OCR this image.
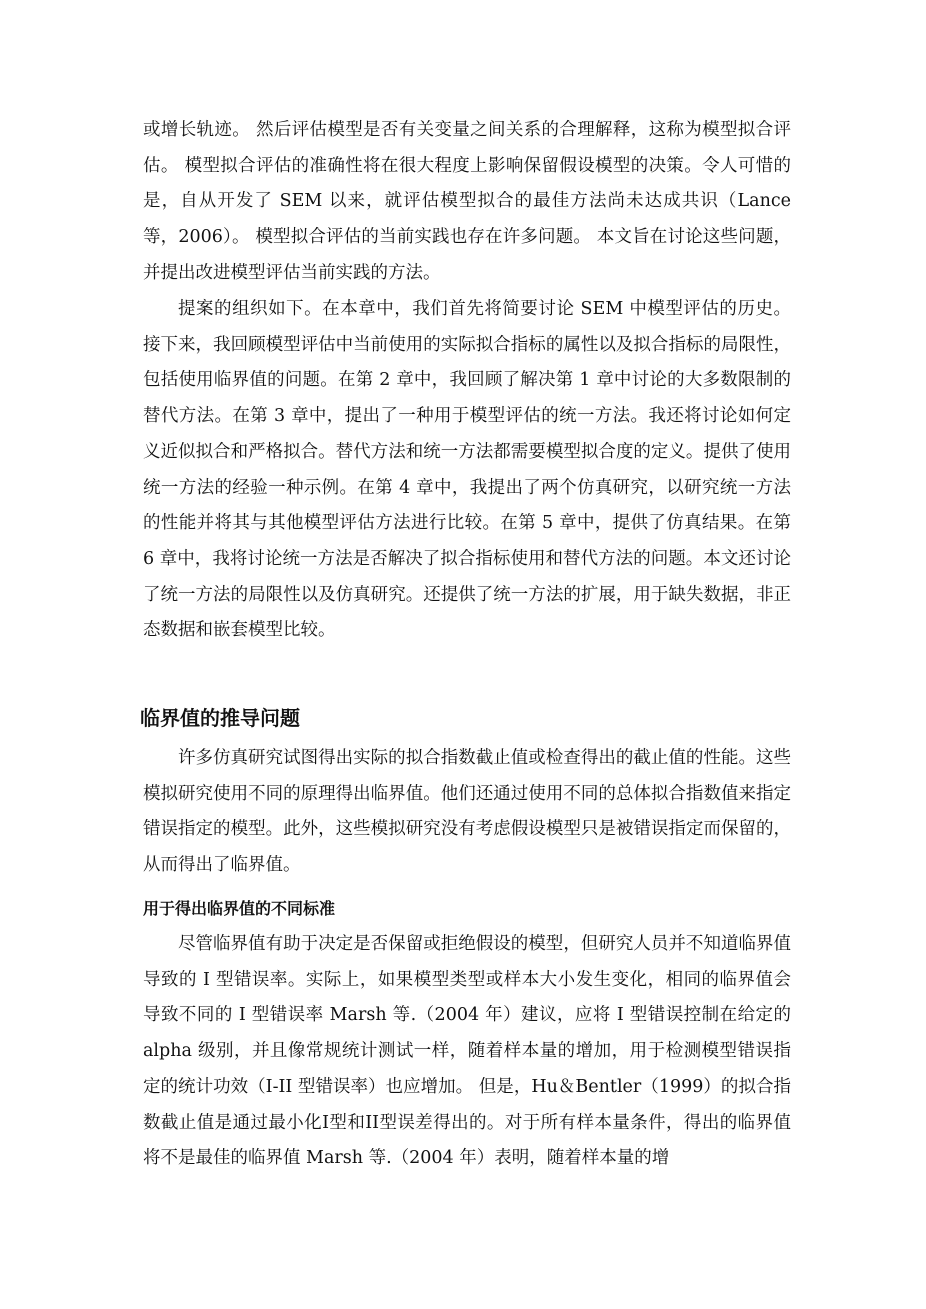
或增长轨迹。 然后评估模型是否有关变量之间关系的合理解释，这称为模型拟合评估。 模型拟合评估的准确性将在很大程度上影响保留假设模型的决策。令人可惜的是，自从开发了 SEM 以来，就评估模型拟合的最佳方法尚未达成共识（Lance 等，2006）。 模型拟合评估的当前实践也存在许多问题。 本文旨在讨论这些问题，并提出改进模型评估当前实践的方法。

提案的组织如下。在本章中，我们首先将简要讨论 SEM 中模型评估的历史。接下来，我回顾模型评估中当前使用的实际拟合指标的属性以及拟合指标的局限性，包括使用临界值的问题。在第 2 章中，我回顾了解决第 1 章中讨论的大多数限制的替代方法。在第 3 章中，提出了一种用于模型评估的统一方法。我还将讨论如何定义近似拟合和严格拟合。替代方法和统一方法都需要模型拟合度的定义。提供了使用统一方法的经验一种示例。在第 4 章中，我提出了两个仿真研究，以研究统一方法的性能并将其与其他模型评估方法进行比较。在第 5 章中，提供了仿真结果。在第 6 章中，我将讨论统一方法是否解决了拟合指标使用和替代方法的问题。本文还讨论了统一方法的局限性以及仿真研究。还提供了统一方法的扩展，用于缺失数据，非正态数据和嵌套模型比较。

临界值的推导问题

许多仿真研究试图得出实际的拟合指数截止值或检查得出的截止值的性能。这些模拟研究使用不同的原理得出临界值。他们还通过使用不同的总体拟合指数值来指定错误指定的模型。此外，这些模拟研究没有考虑假设模型只是被错误指定而保留的，从而得出了临界值。

用于得出临界值的不同标准

尽管临界值有助于决定是否保留或拒绝假设的模型，但研究人员并不知道临界值导致的 I 型错误率。实际上，如果模型类型或样本大小发生变化，相同的临界值会导致不同的 I 型错误率 Marsh 等.（2004 年）建议，应将 I 型错误控制在给定的 alpha 级别，并且像常规统计测试一样，随着样本量的增加，用于检测模型错误指定的统计功效（I-II 型错误率）也应增加。 但是，Hu＆Bentler（1999）的拟合指数截止值是通过最小化I型和II型误差得出的。对于所有样本量条件，得出的临界值将不是最佳的临界值 Marsh 等.（2004 年）表明，随着样本量的增
